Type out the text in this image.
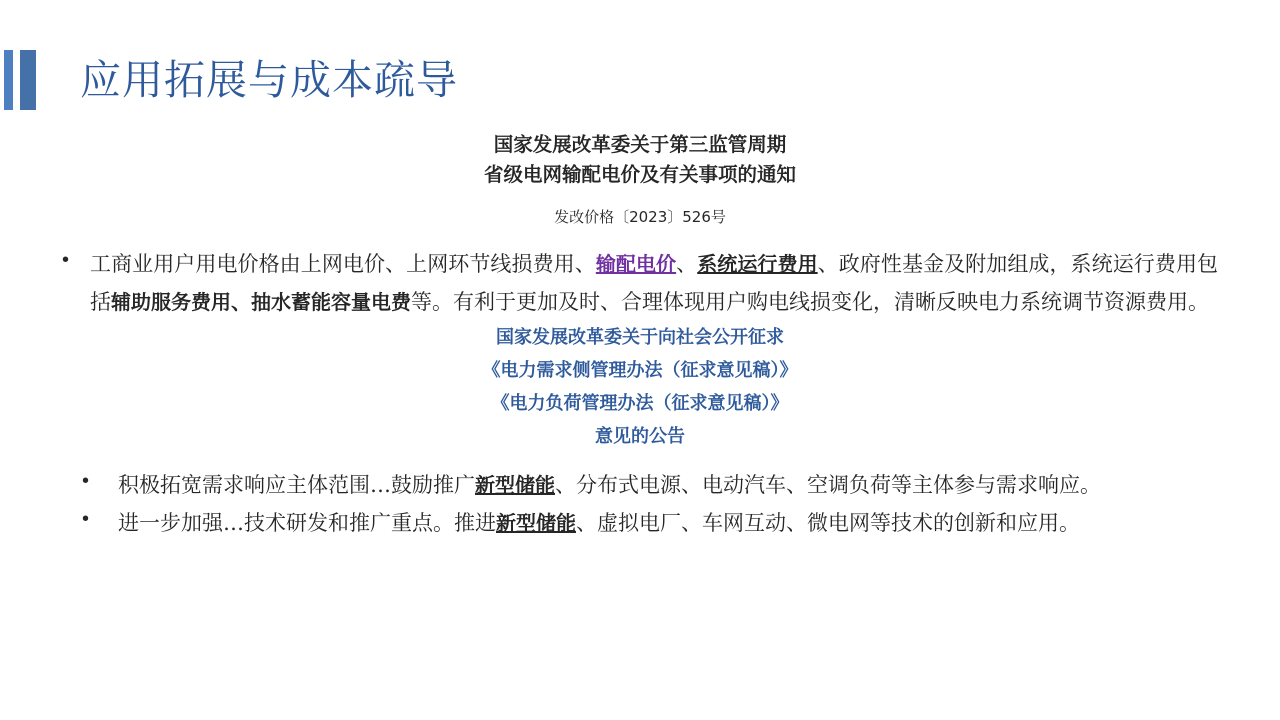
应用拓展与成本疏导
国家发展改革委关于第三监管周期
省级电网输配电价及有关事项的通知
发改价格〔2023〕526号
• 工商业用户用电价格由上网电价、上网环节线损费用、输配电价、系统运行费用、政府性基金及附加组成，系统运行费用包括辅助服务费用、抽水蓄能容量电费等。有利于更加及时、合理体现用户购电线损变化，清晰反映电力系统调节资源费用。
国家发展改革委关于向社会公开征求
《电力需求侧管理办法（征求意见稿）》
《电力负荷管理办法（征求意见稿）》
意见的公告
• 积极拓宽需求响应主体范围…鼓励推广新型储能、分布式电源、电动汽车、空调负荷等主体参与需求响应。
• 进一步加强…技术研发和推广重点。推进新型储能、虚拟电厂、车网互动、微电网等技术的创新和应用。
